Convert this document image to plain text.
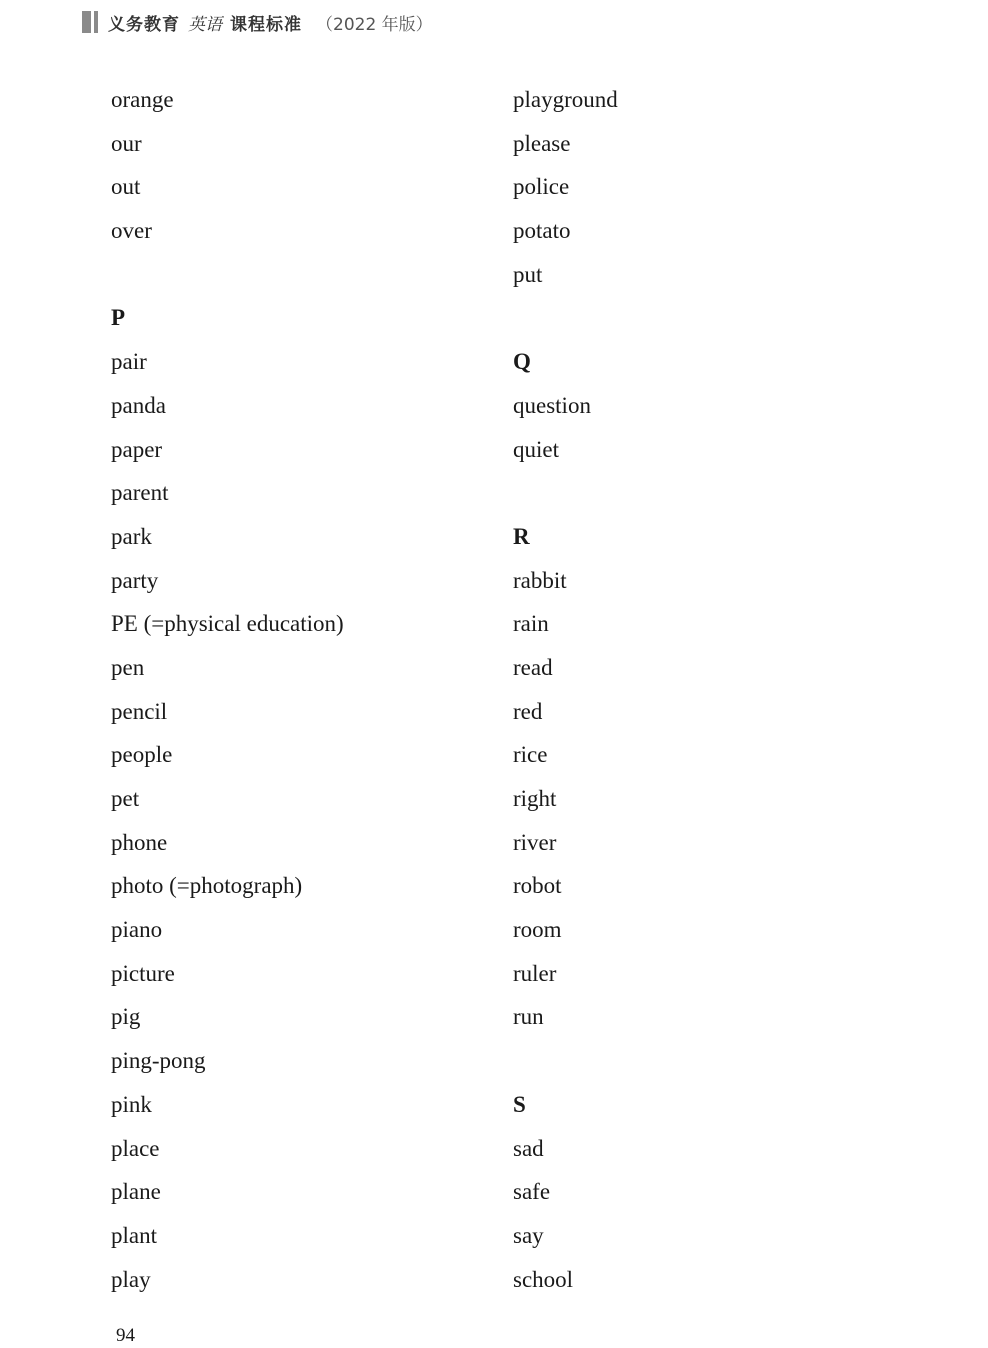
义务教育 英语 课程标准 （2022 年版）
orange
our
out
over
P
pair
panda
paper
parent
park
party
PE (=physical education)
pen
pencil
people
pet
phone
photo (=photograph)
piano
picture
pig
ping-pong
pink
place
plane
plant
play
playground
please
police
potato
put
Q
question
quiet
R
rabbit
rain
read
red
rice
right
river
robot
room
ruler
run
S
sad
safe
say
school
94
